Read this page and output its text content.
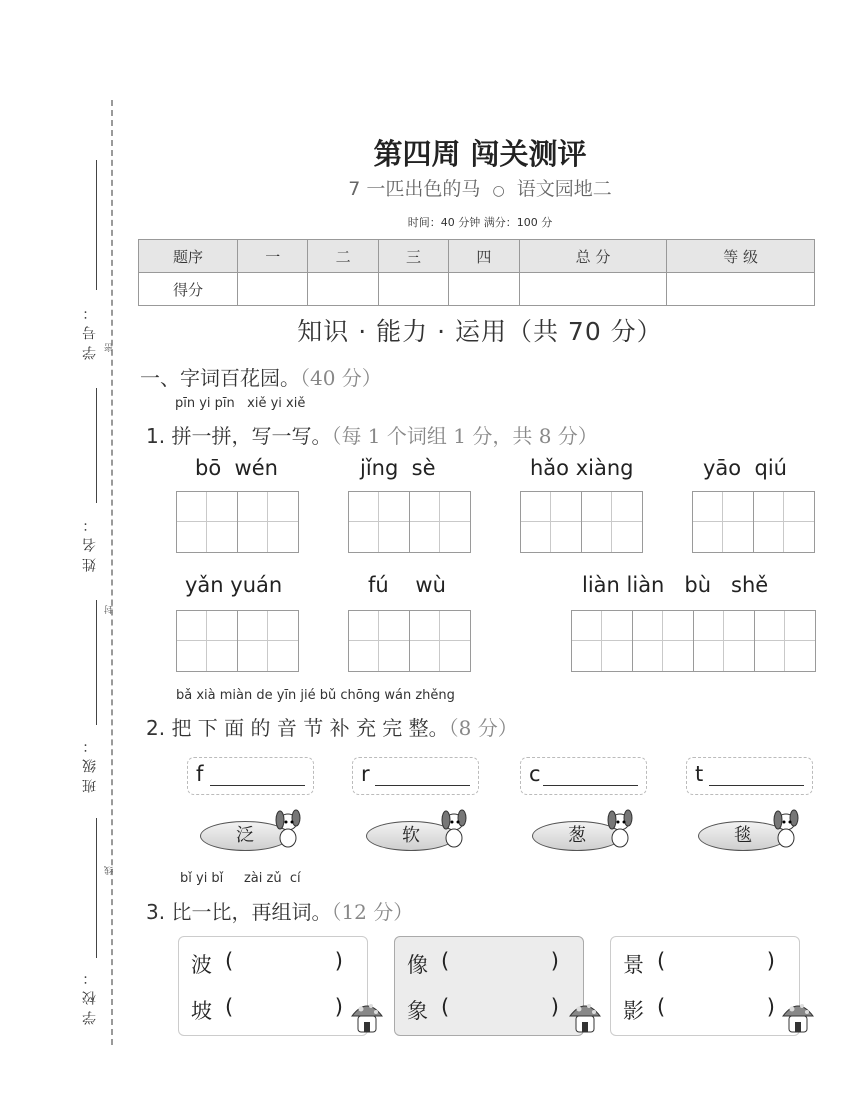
学号： 密
姓名：
封
班级：
线
学校：
第四周 闯关测评
7 一匹出色的马 ○ 语文园地二
时间：40 分钟 满分：100 分
题序	一	二	三	四	总 分	等 级
得分						
知识 · 能力 · 运用（共 70 分）
一、字词百花园。（40 分）
pīn yi pīn   xiě yi xiě
1. 拼一拼，写一写。（每 1 个词组 1 分，共 8 分）
bō  wén	jǐng  sè	hǎo xiàng	yāo  qiú
yǎn yuán	fú    wù	liàn liàn   bù   shě
bǎ xià miàn de yīn jié bǔ chōng wán zhěng
2. 把 下 面 的 音 节 补 充 完 整。（8 分）
f	r	c	t
泛	软	葱	毯
bǐ yi bǐ     zài zǔ  cí
3. 比一比，再组词。（12 分）
波 (	)
坡 (	)
像 (	)
象 (	)
景 (	)
影 (	)
